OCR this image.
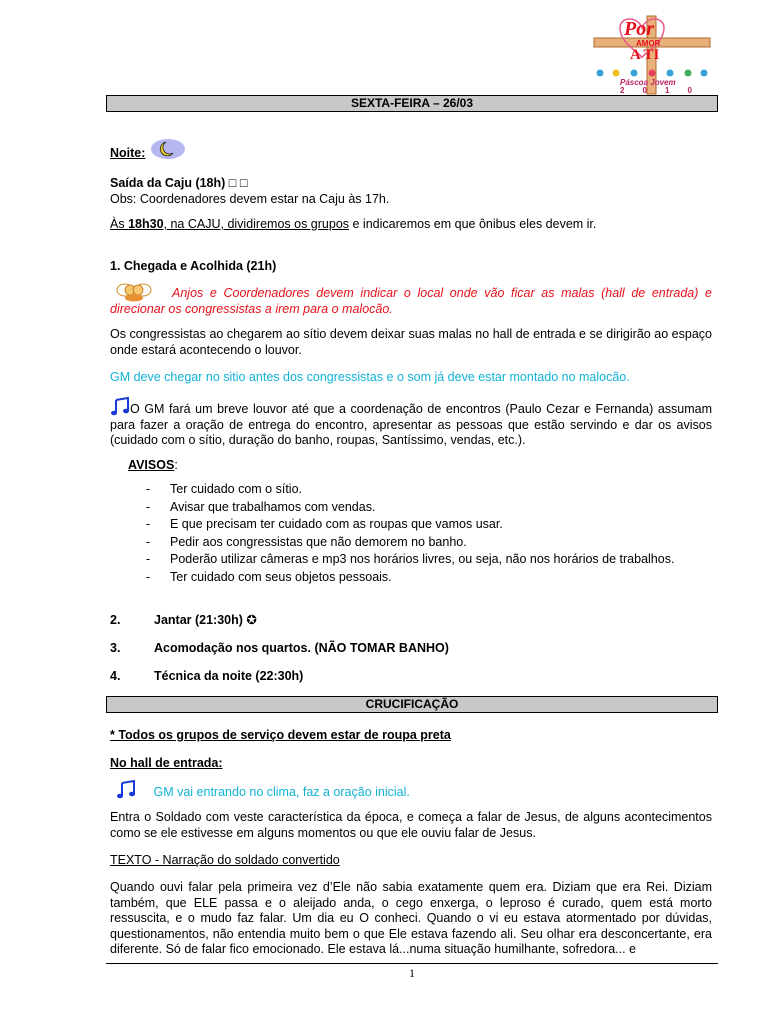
Por
AMOR
A TI
Páscoa Jovem
2 0 1 0
SEXTA-FEIRA – 26/03
Noite:

Saída da Caju (18h) □ □

Obs: Coordenadores devem estar na Caju às 17h.

Às 18h30, na CAJU, dividiremos os grupos e indicaremos em que ônibus eles devem ir.
1. Chegada e Acolhida (21h)
Anjos e Coordenadores devem indicar o local onde vão ficar as malas (hall de entrada) e direcionar os congressistas a irem para o malocão.
Os congressistas ao chegarem ao sítio devem deixar suas malas no hall de entrada e se dirigirão ao espaço onde estará acontecendo o louvor.
GM deve chegar no sitio antes dos congressistas e o som já deve estar montado no malocão.
O GM fará um breve louvor até que a coordenação de encontros (Paulo Cezar e Fernanda) assumam para fazer a oração de entrega do encontro, apresentar as pessoas que estão servindo e dar os avisos (cuidado com o sítio, duração do banho, roupas, Santíssimo, vendas, etc.).
AVISOS:
- Ter cuidado com o sítio.
- Avisar que trabalhamos com vendas.
- E que precisam ter cuidado com as roupas que vamos usar.
- Pedir aos congressistas que não demorem no banho.
- Poderão utilizar câmeras e mp3 nos horários livres, ou seja, não nos horários de trabalhos.
- Ter cuidado com seus objetos pessoais.
2.	Jantar (21:30h) ✪
3.	Acomodação nos quartos. (NÃO TOMAR BANHO)
4.	Técnica da noite (22:30h)
CRUCIFICAÇÃO
* Todos os grupos de serviço devem estar de roupa preta
No hall de entrada:
GM vai entrando no clima, faz a oração inicial.
Entra o Soldado com veste característica da época, e começa a falar de Jesus, de alguns acontecimentos como se ele estivesse em alguns momentos ou que ele ouviu falar de Jesus.
TEXTO - Narração do soldado convertido
Quando ouvi falar pela primeira vez d’Ele não sabia exatamente quem era. Diziam que era Rei. Diziam também, que ELE passa e o aleijado anda, o cego enxerga, o leproso é curado, quem está morto ressuscita, e o mudo faz falar. Um dia eu O conheci. Quando o vi eu estava atormentado por dúvidas, questionamentos, não entendia muito bem o que Ele estava fazendo ali. Seu olhar era desconcertante, era diferente. Só de falar fico emocionado. Ele estava lá...numa situação humilhante, sofredora... e
1
